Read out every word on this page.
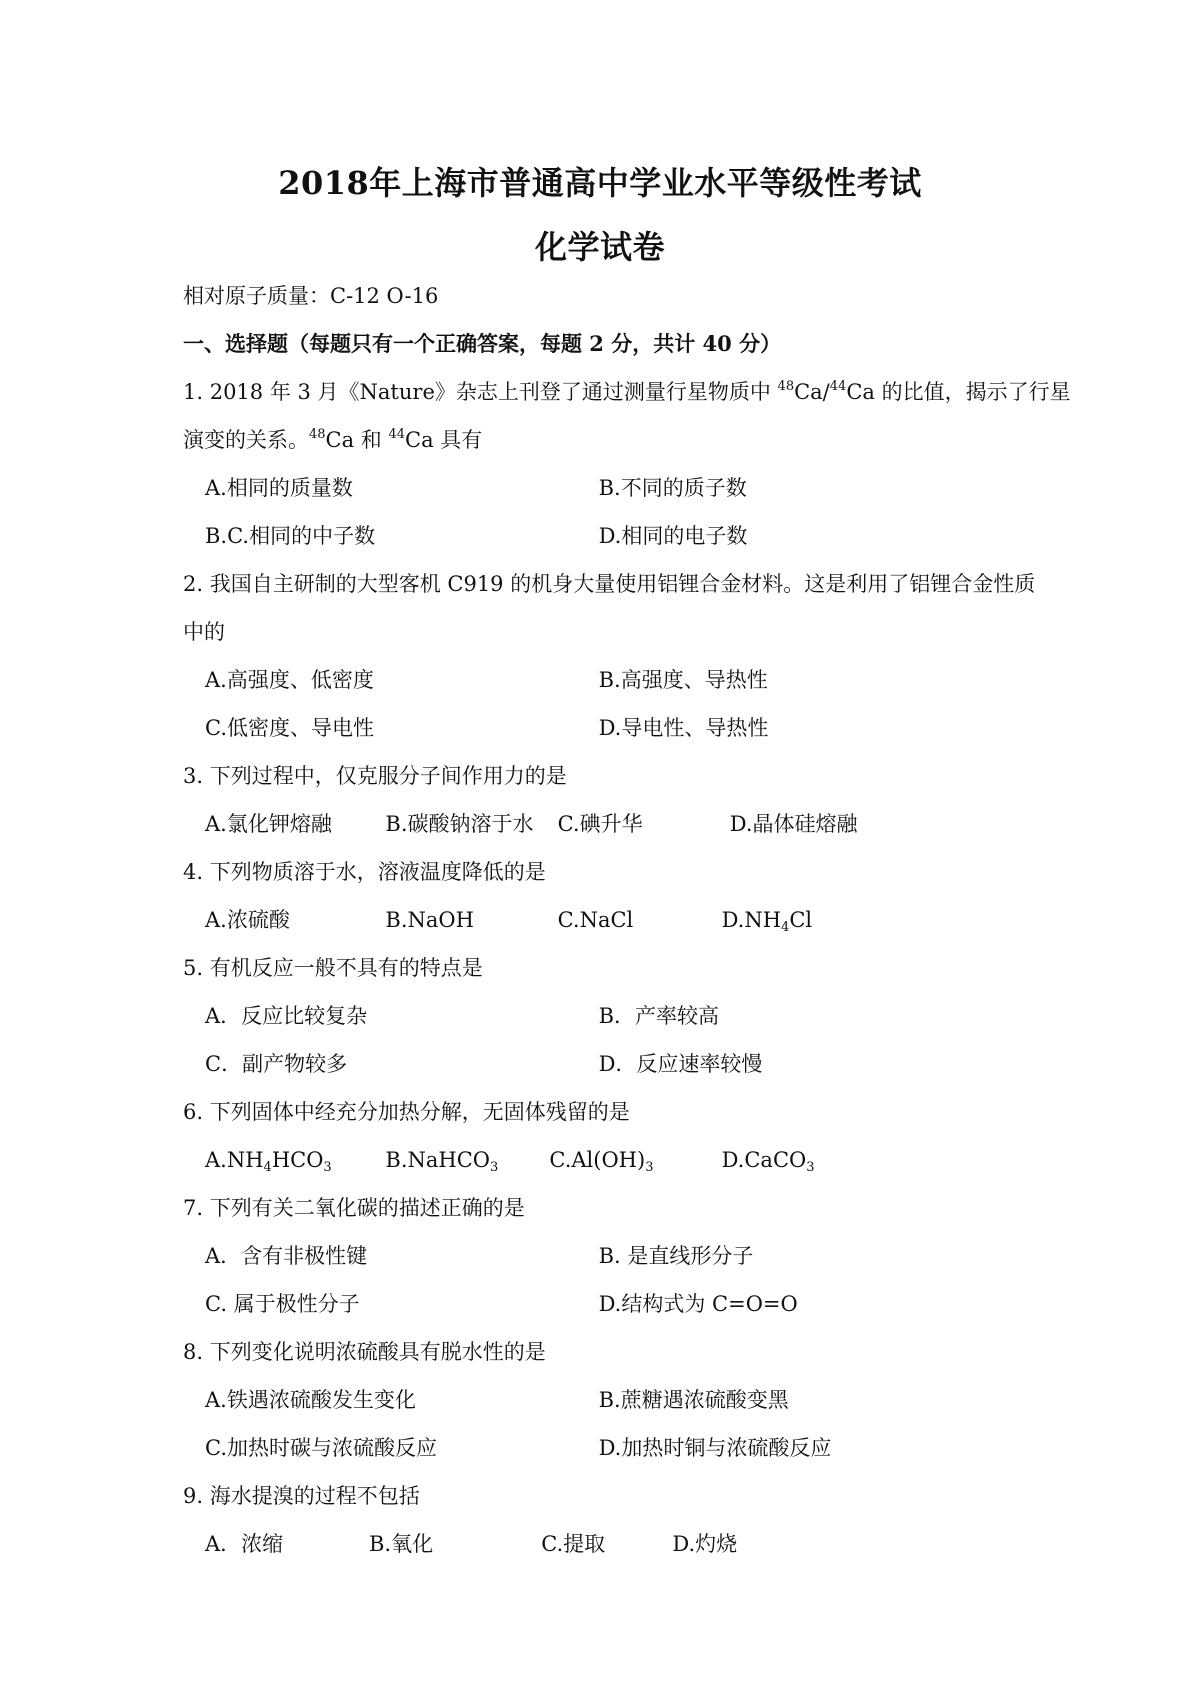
2018年上海市普通高中学业水平等级性考试
化学试卷
相对原子质量：C-12 O-16
一、选择题（每题只有一个正确答案，每题 2 分，共计 40 分）
1. 2018 年 3 月《Nature》杂志上刊登了通过测量行星物质中 $^{48}$Ca/$^{44}$Ca 的比值，揭示了行星
演变的关系。$^{48}$Ca 和 $^{44}$Ca 具有
A.相同的质量数	B.不同的质子数
B.C.相同的中子数	D.相同的电子数
2. 我国自主研制的大型客机 C919 的机身大量使用铝锂合金材料。这是利用了铝锂合金性质
中的
A.高强度、低密度	B.高强度、导热性
C.低密度、导电性	D.导电性、导热性
3. 下列过程中，仅克服分子间作用力的是
A.氯化钾熔融	B.碳酸钠溶于水 C.碘升华	D.晶体硅熔融
4. 下列物质溶于水，溶液温度降低的是
A.浓硫酸	B.NaOH	C.NaCl	$D.NH_4Cl$
5. 有机反应一般不具有的特点是
A．反应比较复杂	B．产率较高
C．副产物较多	D．反应速率较慢
6. 下列固体中经充分加热分解，无固体残留的是
$A.NH_4HCO_3$	B.NaHCO$_3$ $C.Al(OH)_3$	D.CaCO$_3$
7. 下列有关二氧化碳的描述正确的是
A．含有非极性键	B. 是直线形分子
C. 属于极性分子	D.结构式为 C=O=O
8. 下列变化说明浓硫酸具有脱水性的是
A.铁遇浓硫酸发生变化	B.蔗糖遇浓硫酸变黑
C.加热时碳与浓硫酸反应	D.加热时铜与浓硫酸反应
9. 海水提溴的过程不包括
A．浓缩	B.氧化	C.提取	D.灼烧
